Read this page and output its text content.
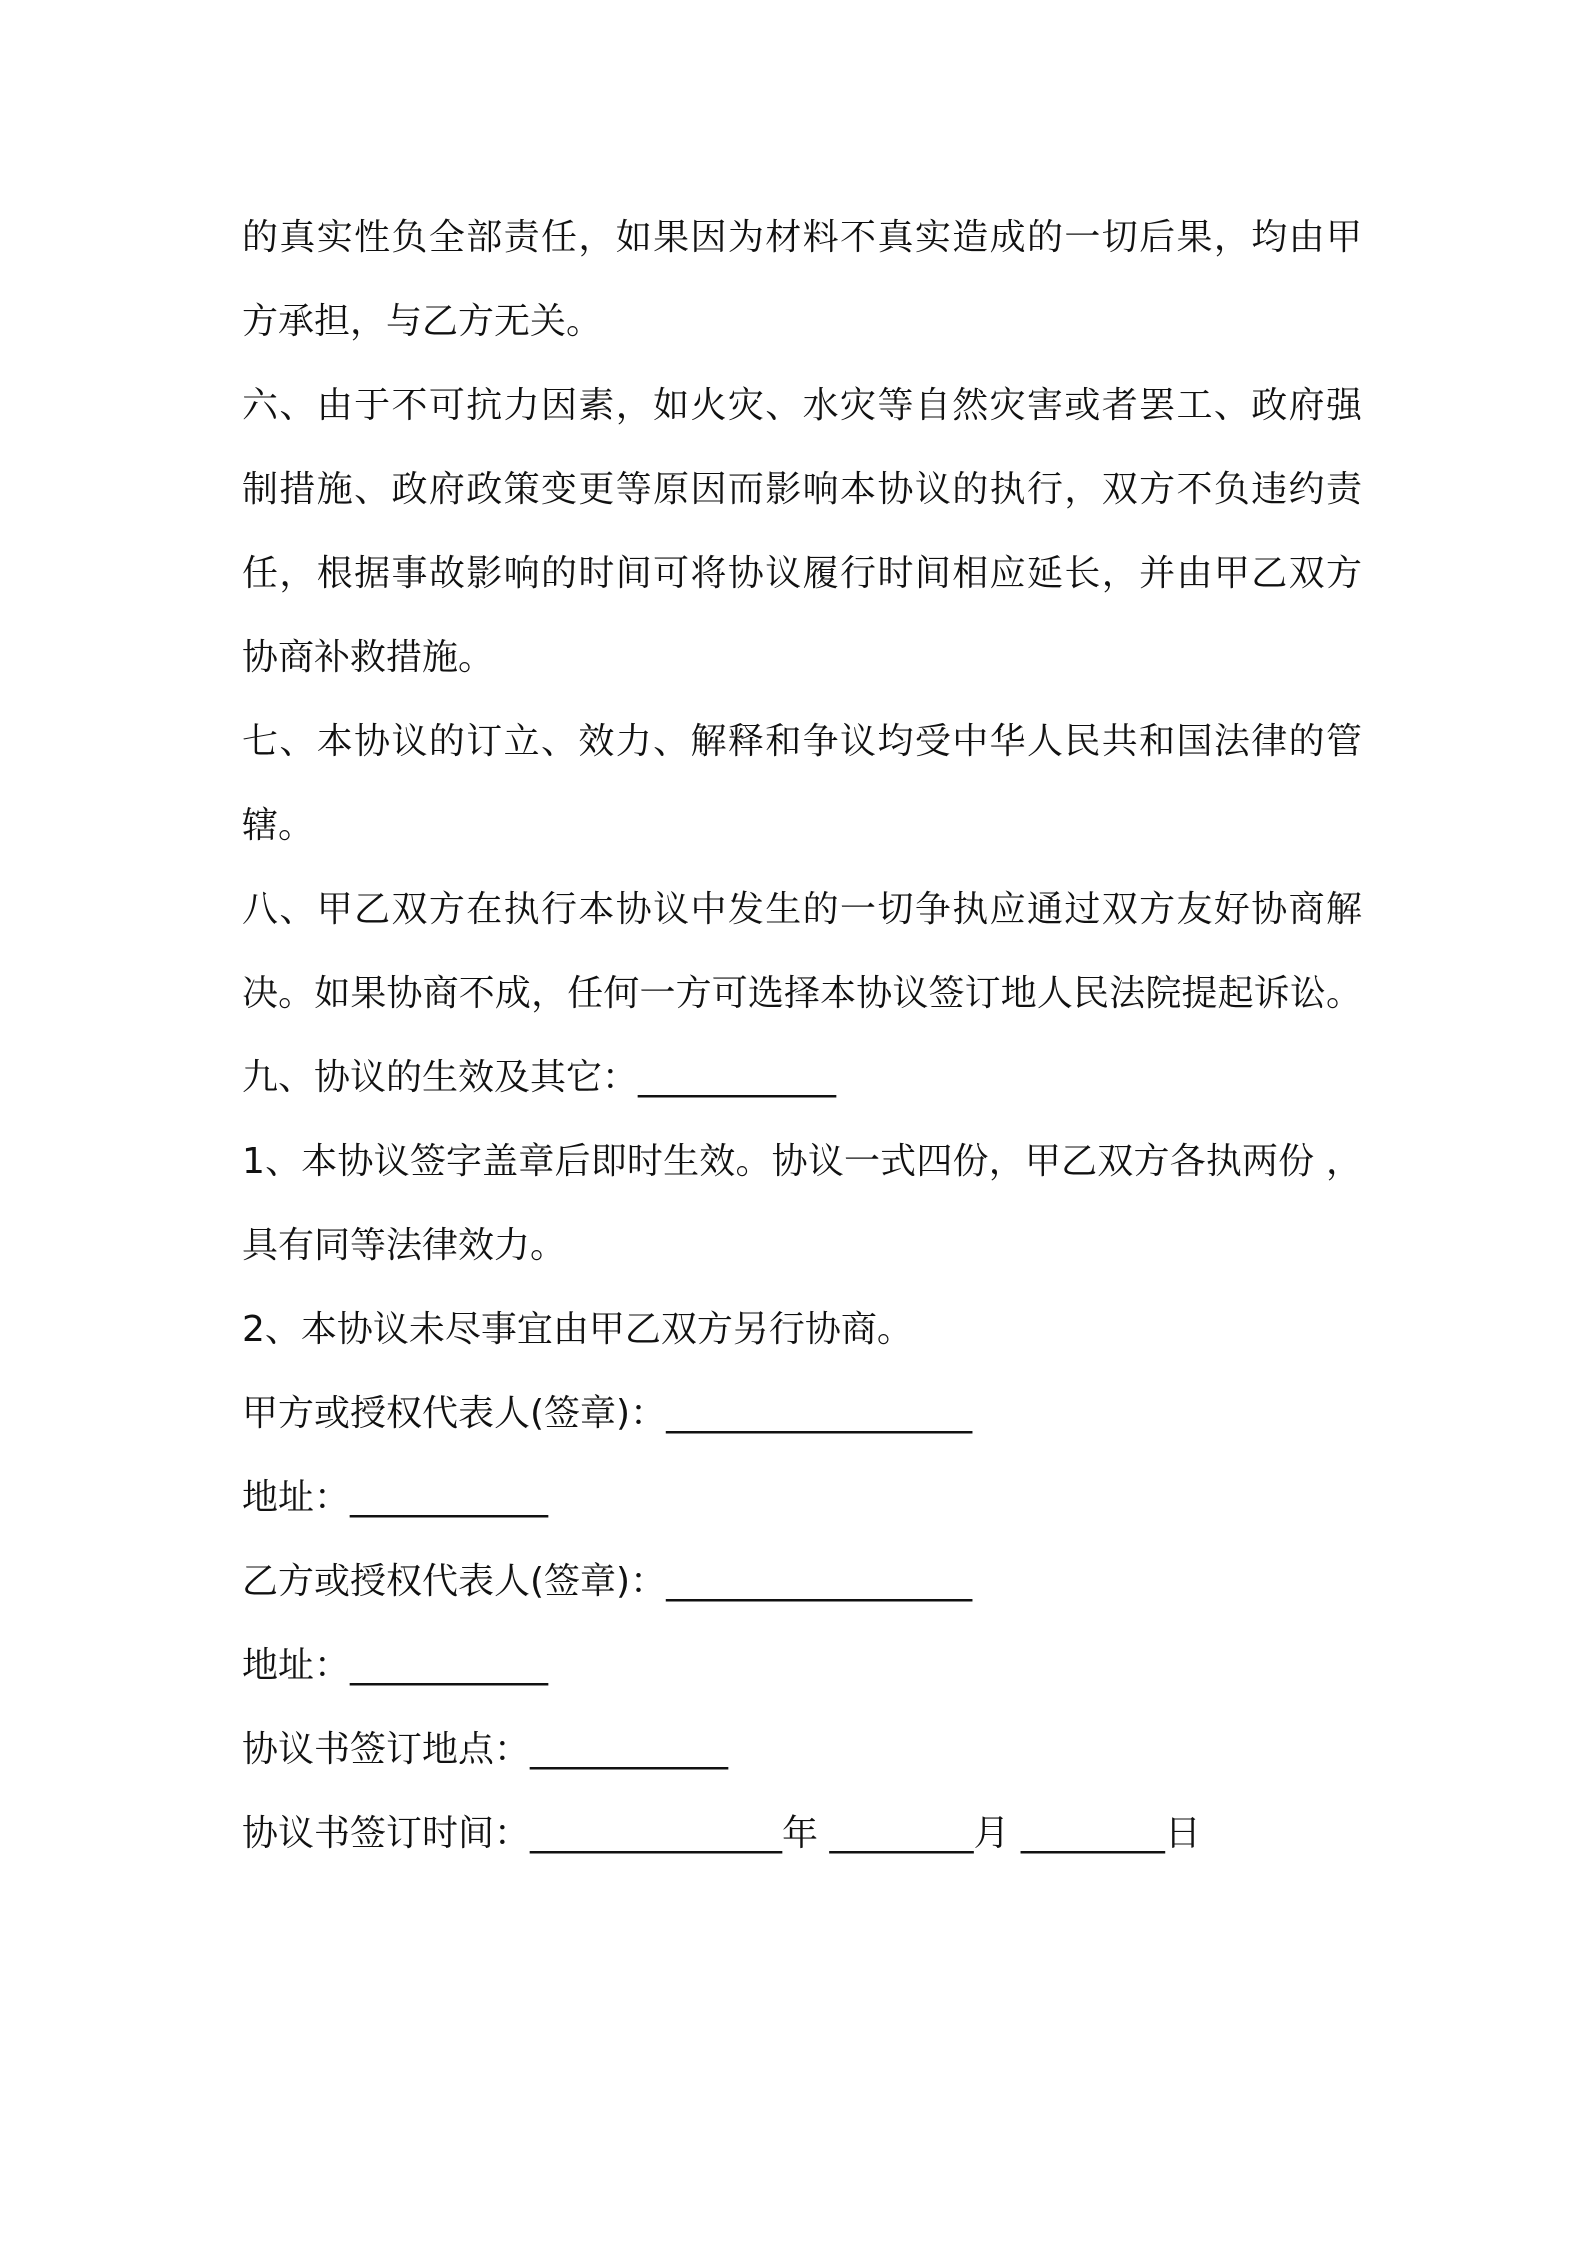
的真实性负全部责任，如果因为材料不真实造成的一切后果，均由甲
方承担，与乙方无关。
六、由于不可抗力因素，如火灾、水灾等自然灾害或者罢工、政府强
制措施、政府政策变更等原因而影响本协议的执行，双方不负违约责
任，根据事故影响的时间可将协议履行时间相应延长，并由甲乙双方
协商补救措施。
七、本协议的订立、效力、解释和争议均受中华人民共和国法律的管
辖。
八、甲乙双方在执行本协议中发生的一切争执应通过双方友好协商解
决。如果协商不成，任何一方可选择本协议签订地人民法院提起诉讼。
九、协议的生效及其它：___________
1、本协议签字盖章后即时生效。协议一式四份，甲乙双方各执两份 ，
具有同等法律效力。
2、本协议未尽事宜由甲乙双方另行协商。
甲方或授权代表人(签章)：_________________
地址：___________
乙方或授权代表人(签章)：_________________
地址：___________
协议书签订地点：___________
协议书签订时间：______________年 ________月 ________日
